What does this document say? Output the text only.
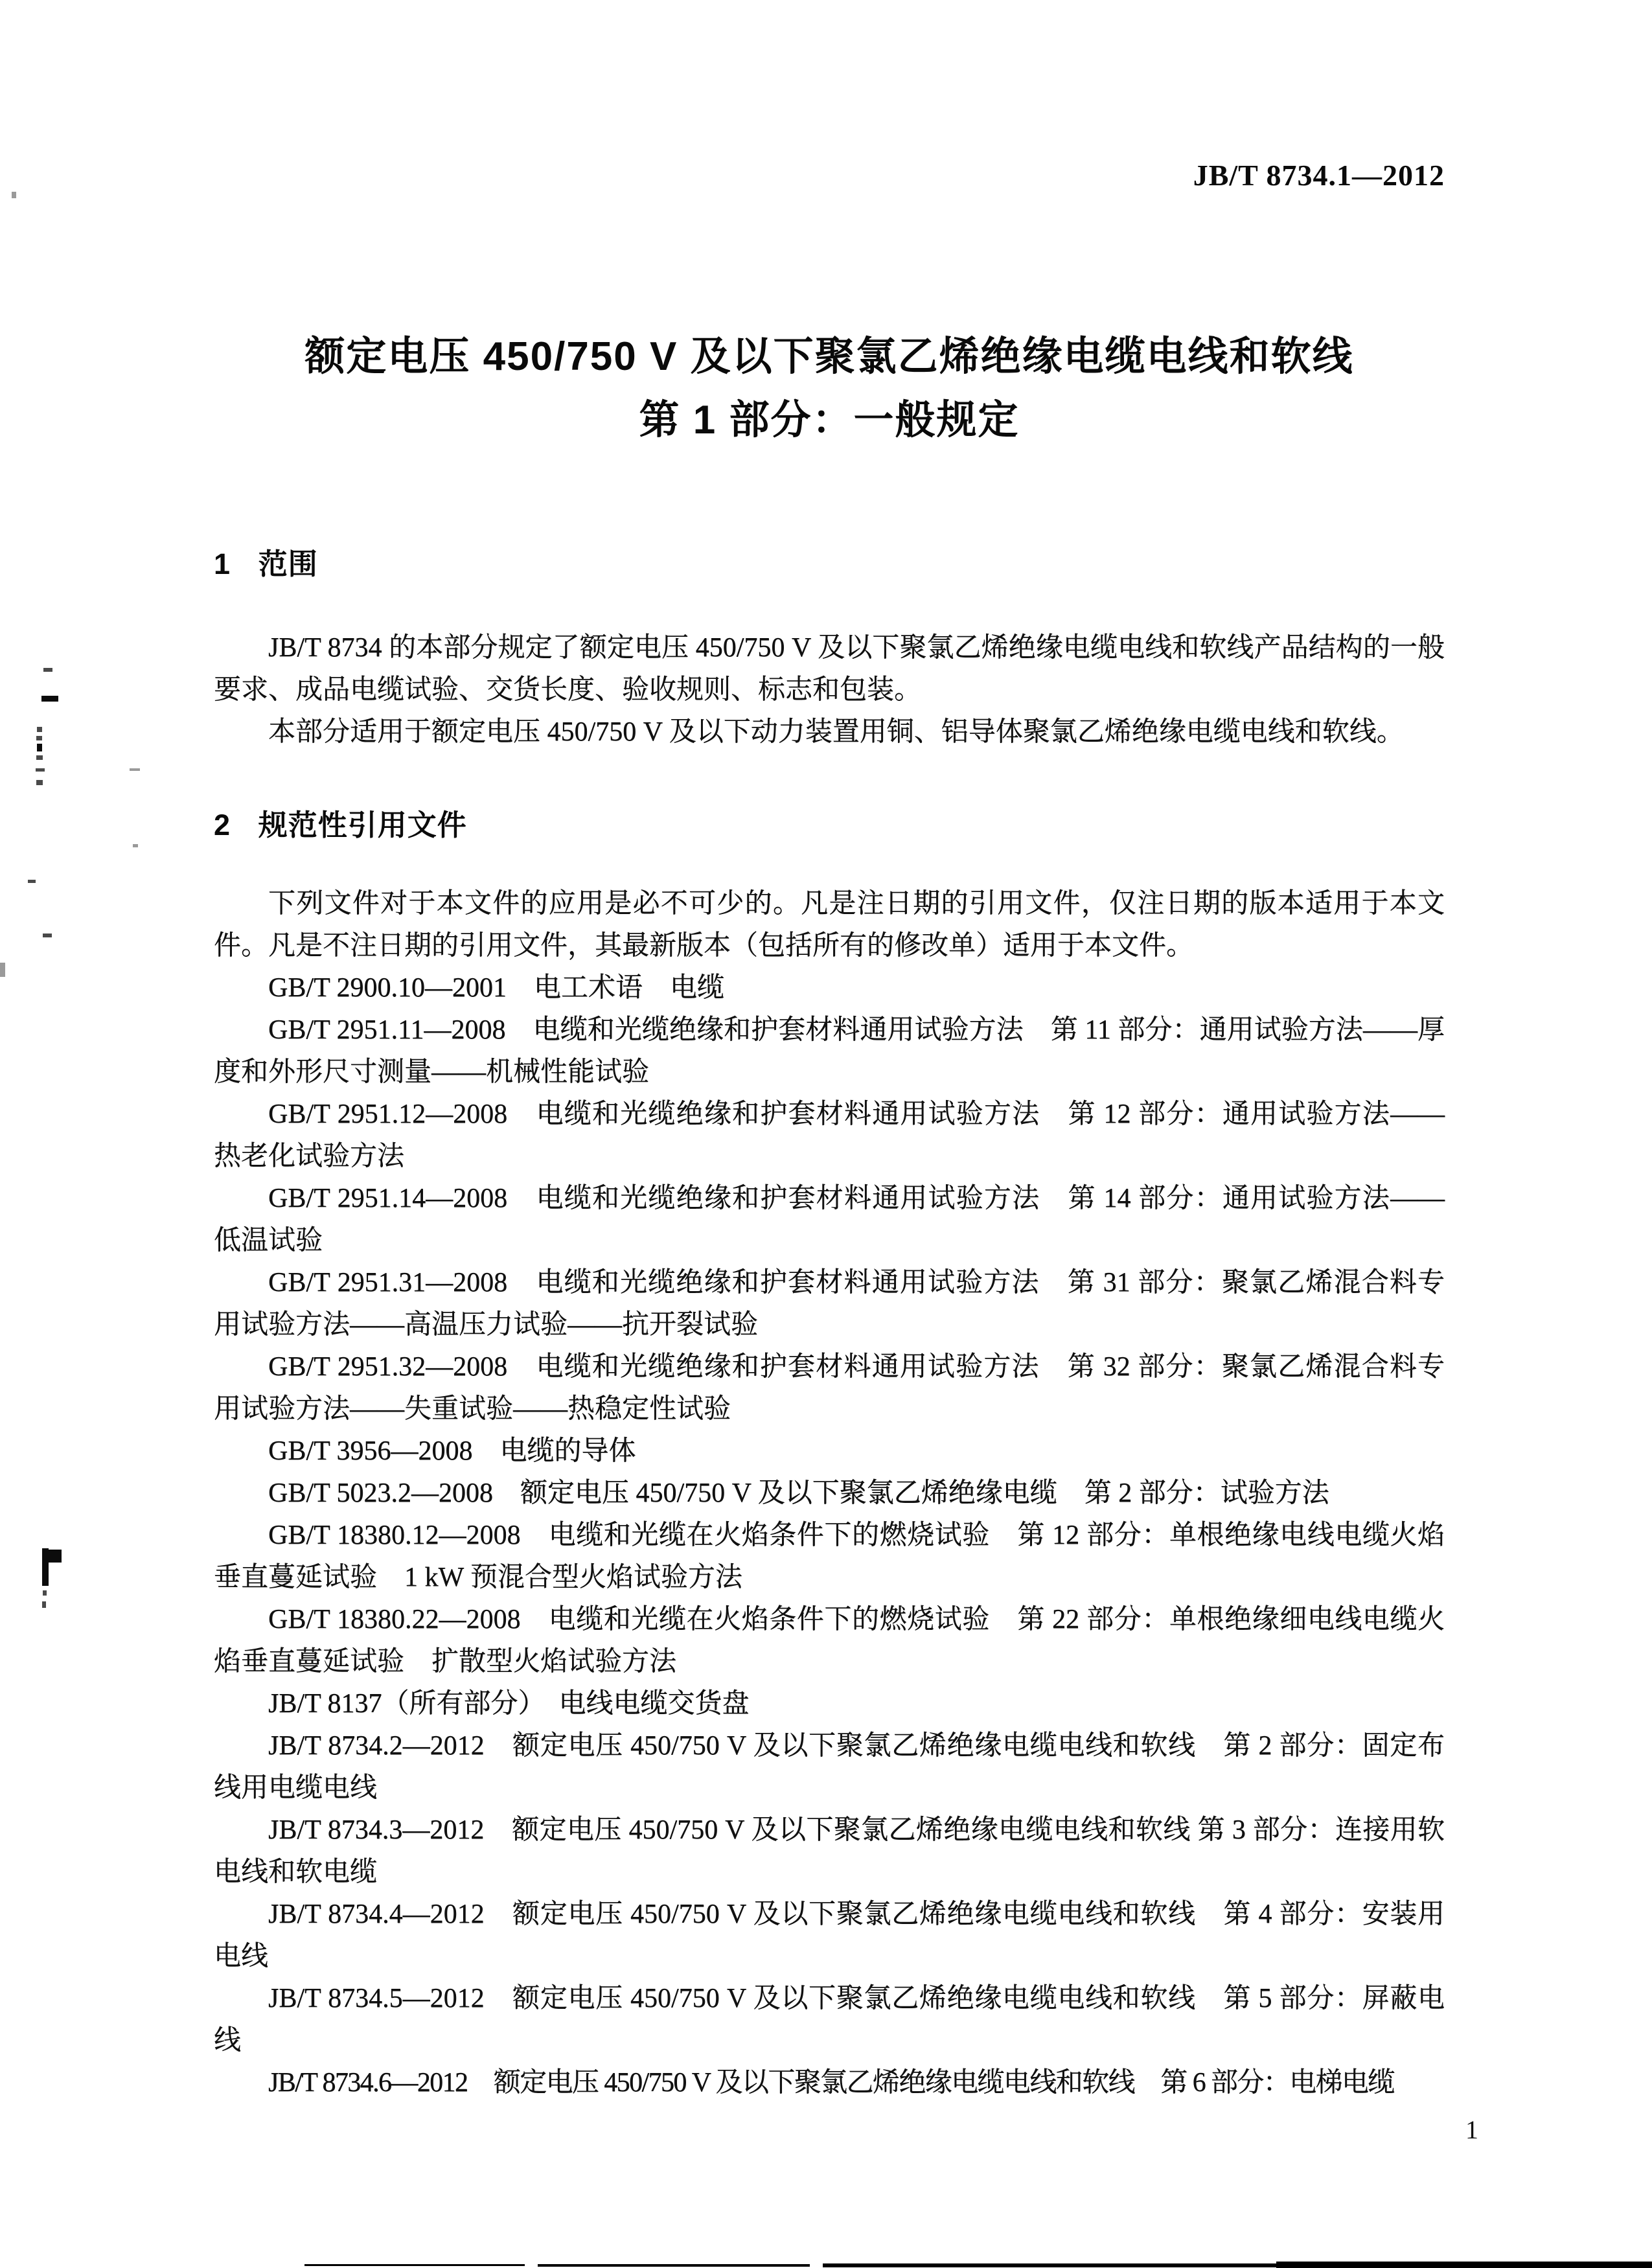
JB/T 8734.1—2012
额定电压 450/750 V 及以下聚氯乙烯绝缘电缆电线和软线
第 1 部分：一般规定
1 范围

JB/T 8734 的本部分规定了额定电压 450/750 V 及以下聚氯乙烯绝缘电缆电线和软线产品结构的一般要求、成品电缆试验、交货长度、验收规则、标志和包装。

本部分适用于额定电压 450/750 V 及以下动力装置用铜、铝导体聚氯乙烯绝缘电缆电线和软线。

2 规范性引用文件

下列文件对于本文件的应用是必不可少的。凡是注日期的引用文件，仅注日期的版本适用于本文件。凡是不注日期的引用文件，其最新版本（包括所有的修改单）适用于本文件。

GB/T 2900.10—2001　电工术语　电缆

GB/T 2951.11—2008　电缆和光缆绝缘和护套材料通用试验方法　第 11 部分：通用试验方法——厚度和外形尺寸测量——机械性能试验

GB/T 2951.12—2008　电缆和光缆绝缘和护套材料通用试验方法　第 12 部分：通用试验方法——热老化试验方法

GB/T 2951.14—2008　电缆和光缆绝缘和护套材料通用试验方法　第 14 部分：通用试验方法——低温试验

GB/T 2951.31—2008　电缆和光缆绝缘和护套材料通用试验方法　第 31 部分：聚氯乙烯混合料专用试验方法——高温压力试验——抗开裂试验

GB/T 2951.32—2008　电缆和光缆绝缘和护套材料通用试验方法　第 32 部分：聚氯乙烯混合料专用试验方法——失重试验——热稳定性试验

GB/T 3956—2008　电缆的导体

GB/T 5023.2—2008　额定电压 450/750 V 及以下聚氯乙烯绝缘电缆　第 2 部分：试验方法

GB/T 18380.12—2008　电缆和光缆在火焰条件下的燃烧试验　第 12 部分：单根绝缘电线电缆火焰垂直蔓延试验　1 kW 预混合型火焰试验方法

GB/T 18380.22—2008　电缆和光缆在火焰条件下的燃烧试验　第 22 部分：单根绝缘细电线电缆火焰垂直蔓延试验　扩散型火焰试验方法

JB/T 8137（所有部分）　电线电缆交货盘

JB/T 8734.2—2012　额定电压 450/750 V 及以下聚氯乙烯绝缘电缆电线和软线　第 2 部分：固定布线用电缆电线

JB/T 8734.3—2012　额定电压 450/750 V 及以下聚氯乙烯绝缘电缆电线和软线 第 3 部分：连接用软电线和软电缆

JB/T 8734.4—2012　额定电压 450/750 V 及以下聚氯乙烯绝缘电缆电线和软线　第 4 部分：安装用电线

JB/T 8734.5—2012　额定电压 450/750 V 及以下聚氯乙烯绝缘电缆电线和软线　第 5 部分：屏蔽电线

JB/T 8734.6—2012　额定电压 450/750 V 及以下聚氯乙烯绝缘电缆电线和软线　第 6 部分：电梯电缆

1
